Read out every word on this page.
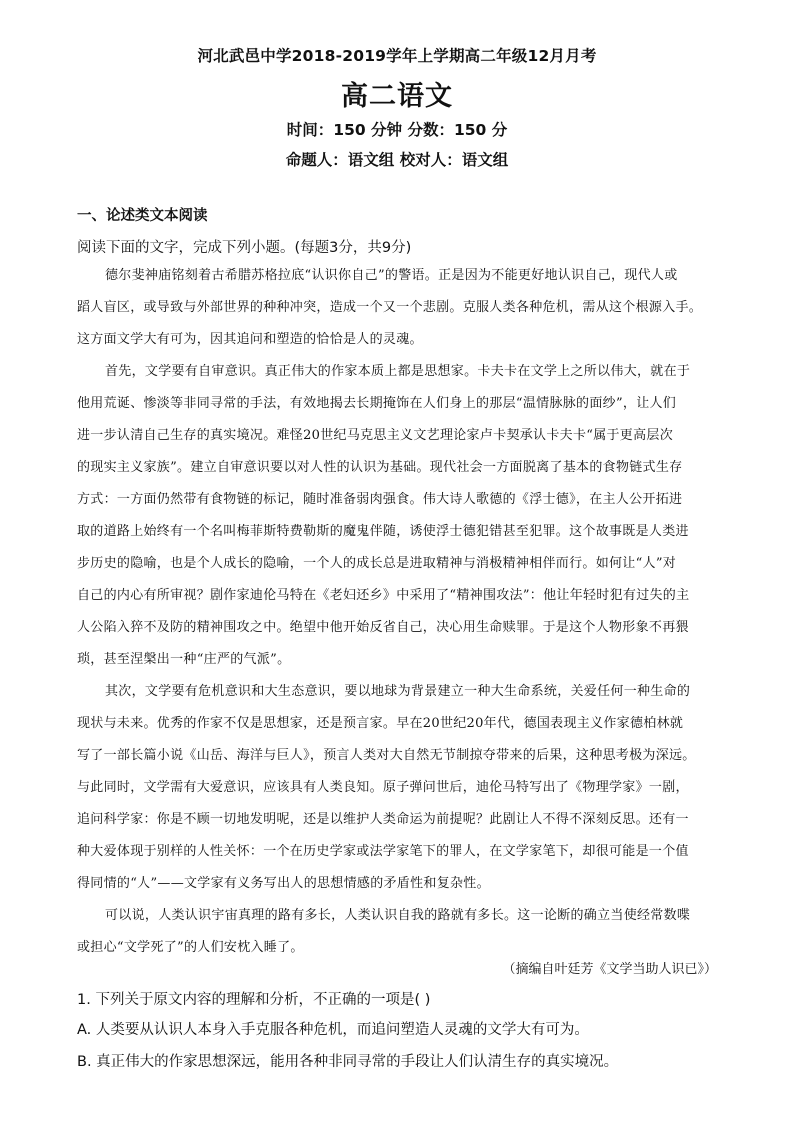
河北武邑中学2018-2019学年上学期高二年级12月月考
高二语文
时间：150 分钟 分数：150 分
命题人：语文组 校对人：语文组
一、论述类文本阅读
阅读下面的文字，完成下列小题。(每题3分，共9分)
德尔斐神庙铭刻着古希腊苏格拉底“认识你自己”的警语。正是因为不能更好地认识自己，现代人或
蹈人盲区，或导致与外部世界的种种冲突，造成一个又一个悲剧。克服人类各种危机，需从这个根源入手。
这方面文学大有可为，因其追问和塑造的恰恰是人的灵魂。
首先，文学要有自审意识。真正伟大的作家本质上都是思想家。卡夫卡在文学上之所以伟大，就在于
他用荒诞、惨淡等非同寻常的手法，有效地揭去长期掩饰在人们身上的那层“温情脉脉的面纱”，让人们
进一步认清自己生存的真实境况。难怪20世纪马克思主义文艺理论家卢卡契承认卡夫卡“属于更高层次
的现实主义家族”。建立自审意识要以对人性的认识为基础。现代社会一方面脱离了基本的食物链式生存
方式：一方面仍然带有食物链的标记，随时准备弱肉强食。伟大诗人歌德的《浮士德》，在主人公开拓进
取的道路上始终有一个名叫梅菲斯特费勒斯的魔鬼伴随，诱使浮士德犯错甚至犯罪。这个故事既是人类进
步历史的隐喻，也是个人成长的隐喻，一个人的成长总是进取精神与消极精神相伴而行。如何让“人”对
自己的内心有所审视？剧作家迪伦马特在《老妇还乡》中采用了“精神围攻法”：他让年轻时犯有过失的主
人公陷入猝不及防的精神围攻之中。绝望中他开始反省自己，决心用生命赎罪。于是这个人物形象不再猥
琐，甚至涅槃出一种“庄严的气派”。
其次，文学要有危机意识和大生态意识，要以地球为背景建立一种大生命系统，关爱任何一种生命的
现状与未来。优秀的作家不仅是思想家，还是预言家。早在20世纪20年代，德国表现主义作家德柏林就
写了一部长篇小说《山岳、海洋与巨人》，预言人类对大自然无节制掠夺带来的后果，这种思考极为深远。
与此同时，文学需有大爱意识，应该具有人类良知。原子弹问世后，迪伦马特写出了《物理学家》一剧，
追问科学家：你是不顾一切地发明呢，还是以维护人类命运为前提呢？此剧让人不得不深刻反思。还有一
种大爱体现于别样的人性关怀：一个在历史学家或法学家笔下的罪人，在文学家笔下，却很可能是一个值
得同情的“人”——文学家有义务写出人的思想情感的矛盾性和复杂性。
可以说，人类认识宇宙真理的路有多长，人类认识自我的路就有多长。这一论断的确立当使经常数喋
或担心“文学死了”的人们安枕入睡了。
（摘编自叶廷芳《文学当助人识已》）
1. 下列关于原文内容的理解和分析，不正确的一项是( )
A. 人类要从认识人本身入手克服各种危机，而追问塑造人灵魂的文学大有可为。
B. 真正伟大的作家思想深远，能用各种非同寻常的手段让人们认清生存的真实境况。
